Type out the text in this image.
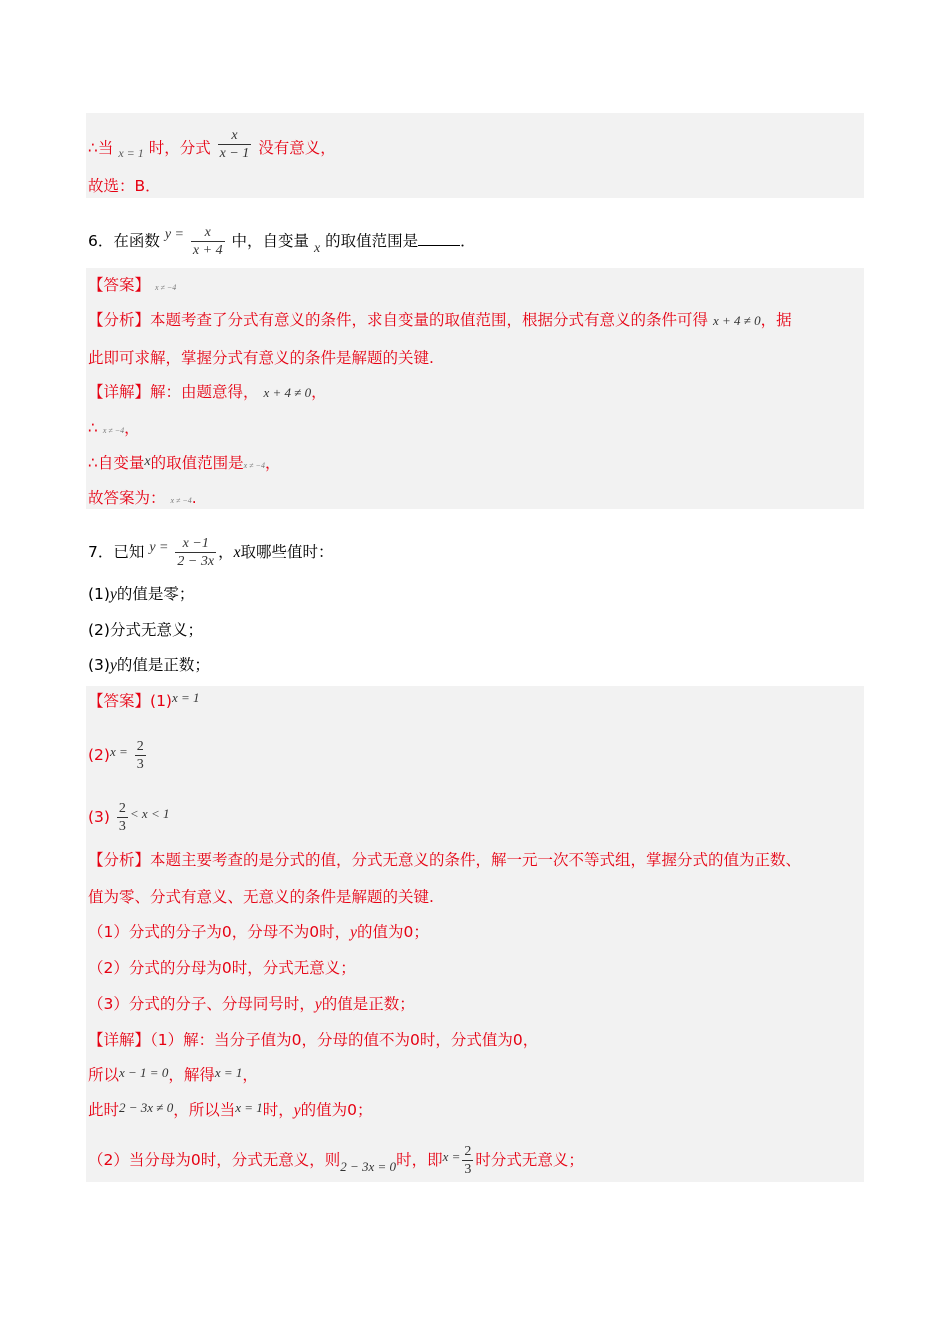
∴当 $_{x = 1}$ 时，分式 $\frac{x}{x - 1}$ 没有意义，
故选：B．
6．在函数 $y = \frac{x}{x + 4}$ 中，自变量 x 的取值范围是	．
【答案】 x ≠ −4
【分析】本题考查了分式有意义的条件，求自变量的取值范围，根据分式有意义的条件可得 x + 4 ≠ 0，据
此即可求解，掌握分式有意义的条件是解题的关键.
【详解】解：由题意得， x + 4 ≠ 0，
∴ x ≠ −4，
∴自变量x的取值范围是x ≠ −4，
故答案为： x ≠ −4.
7．已知 $y = \frac{x -1}{2 - 3x}$ ，x取哪些值时：
(1)y的值是零；
(2)分式无意义；
(3)y的值是正数；
【答案】$(1)^{x = 1}$
$(2)^{x =} \frac{2}{3}$
$(3) \frac{2}{3} ^{< x < 1}$
【分析】本题主要考查的是分式的值，分式无意义的条件，解一元一次不等式组，掌握分式的值为正数、
值为零、分式有意义、无意义的条件是解题的关键.
（1）分式的分子为0，分母不为0时，y的值为0；
（2）分式的分母为0时，分式无意义；
（3）分式的分子、分母同号时，y的值是正数；
【详解】（1）解：当分子值为0，分母的值不为0时，分式值为0，
所以x − 1 = 0，解得x = 1，
此时2 − 3x ≠ 0，所以当x = 1时，y的值为0；
（2）当分母为0时，分式无意义，则$_{2 - 3x = 0}$时，即$^{x =} \frac{2}{3}$ 时分式无意义；
